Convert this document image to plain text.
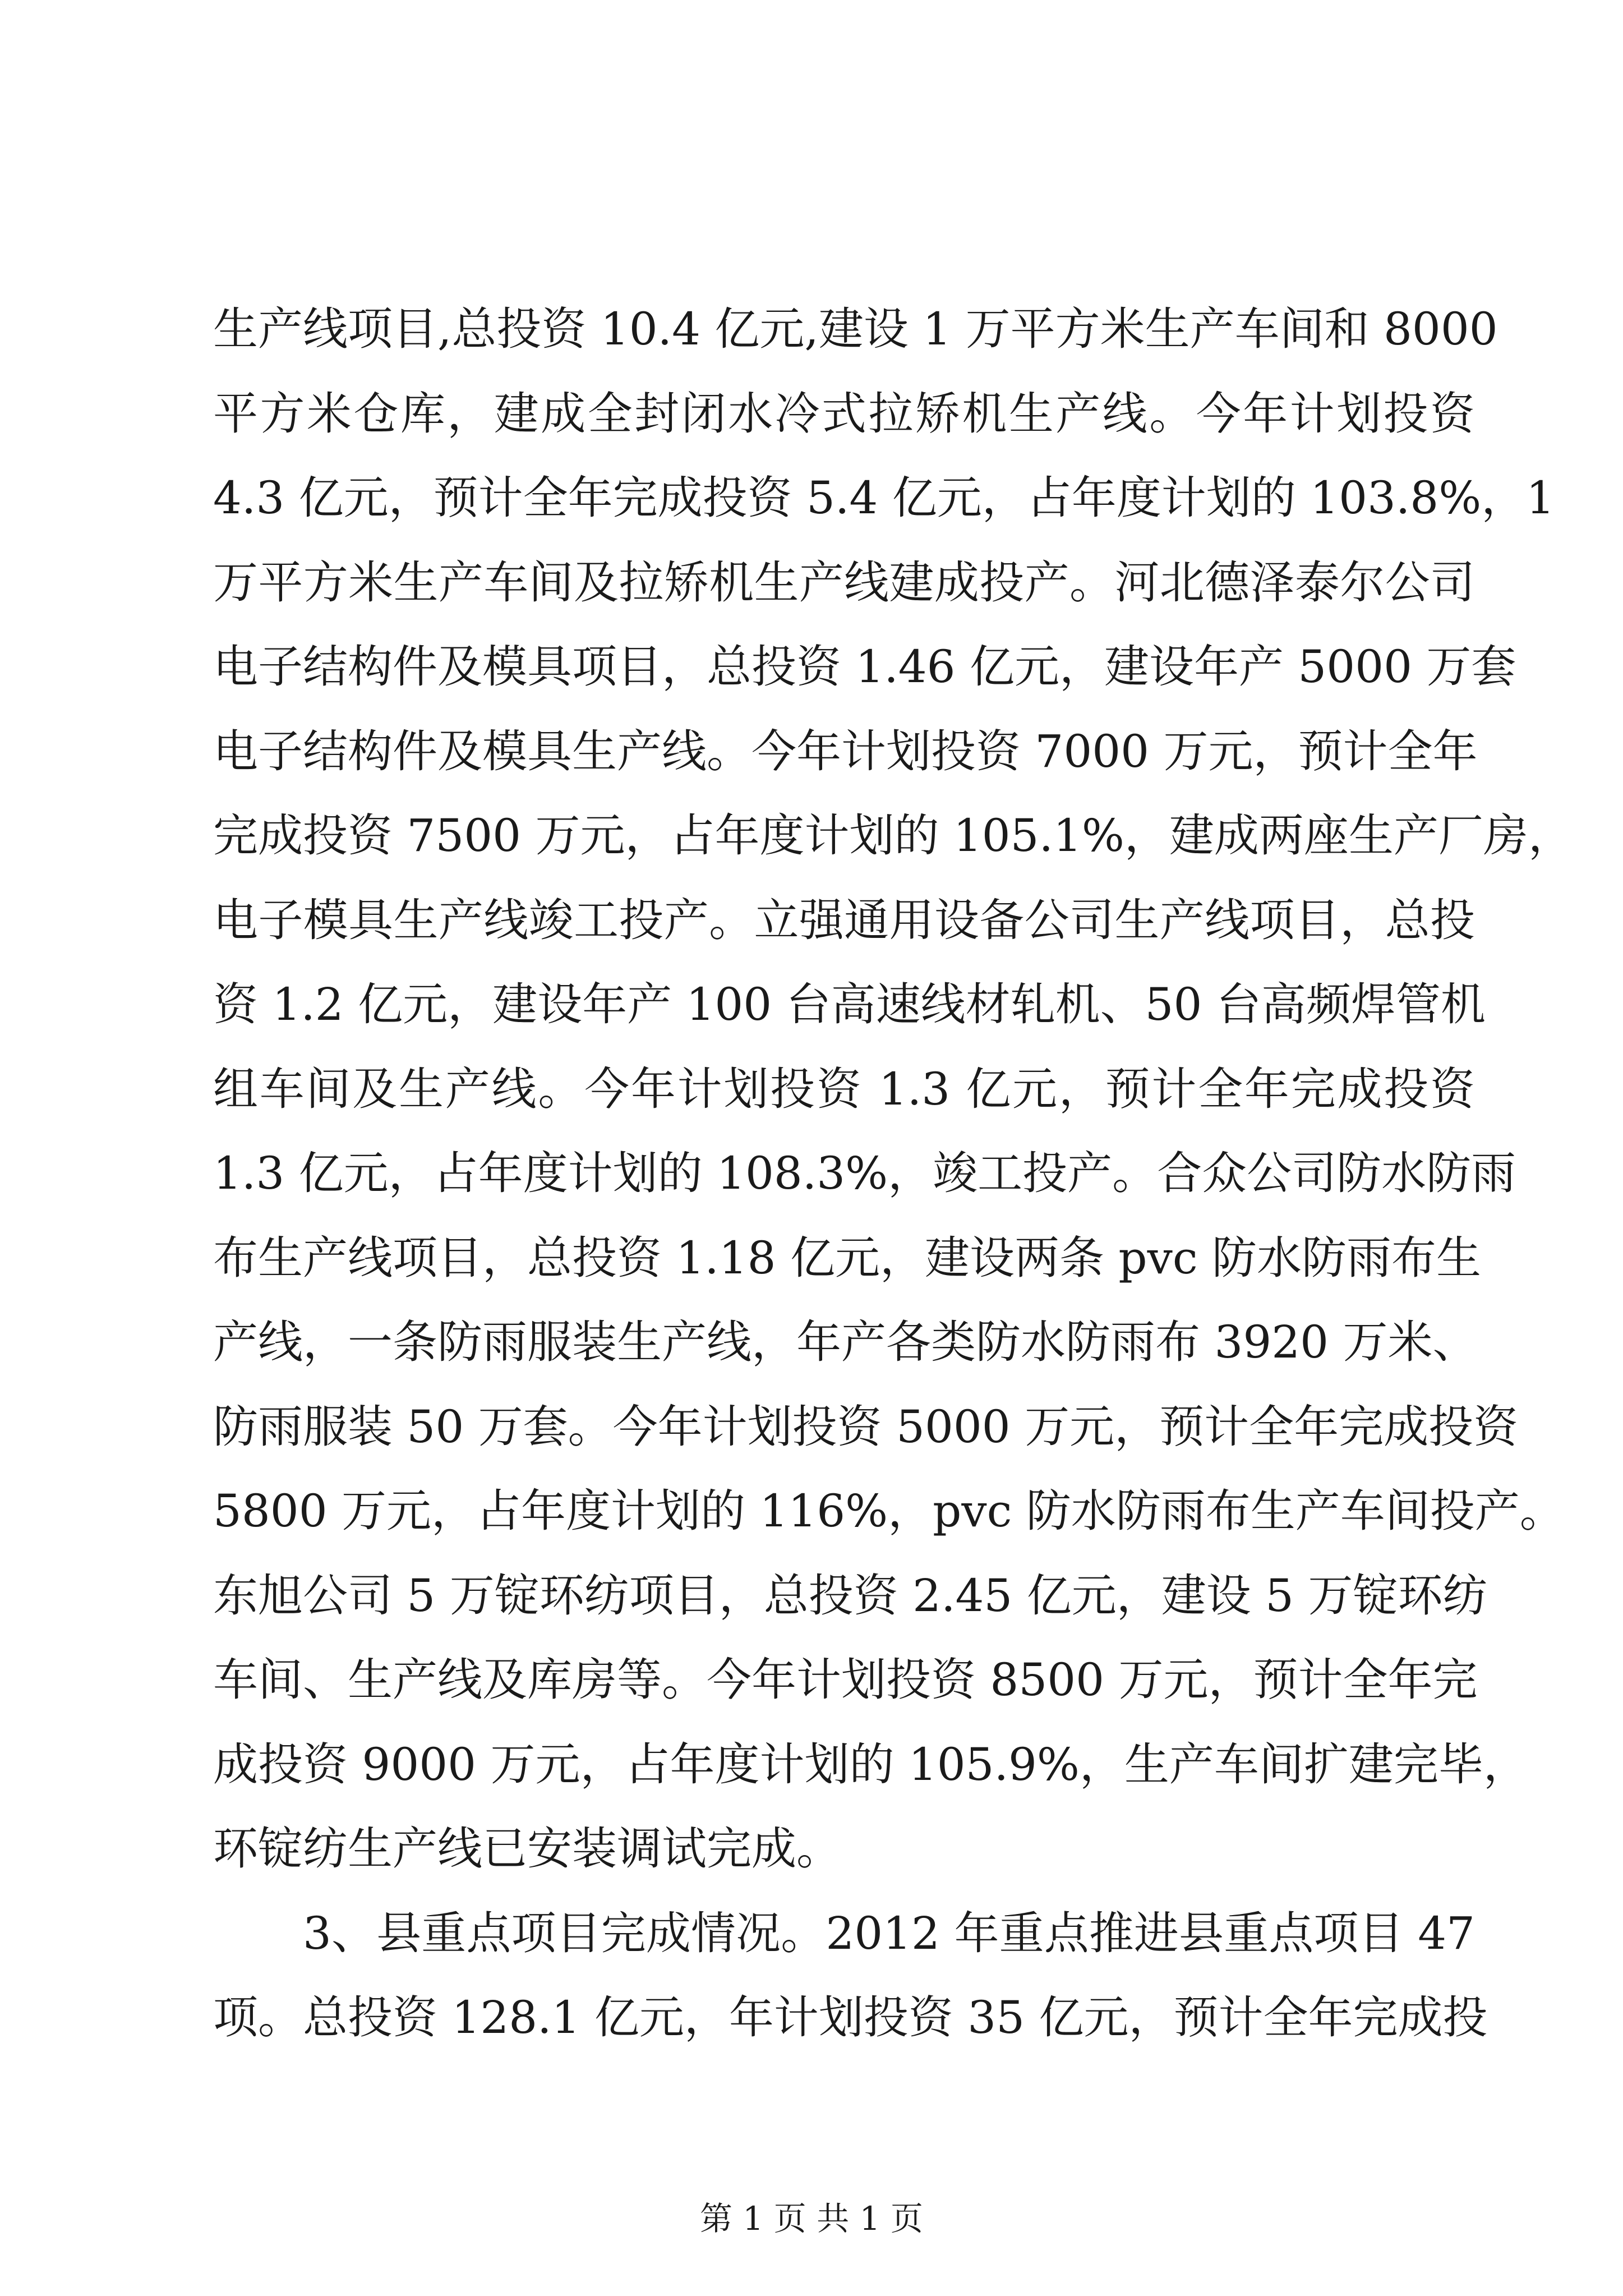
生产线项目,总投资 10.4 亿元,建设 1 万平方米生产车间和 8000
平方米仓库，建成全封闭水冷式拉矫机生产线。今年计划投资
4.3 亿元，预计全年完成投资 5.4 亿元，占年度计划的 103.8%，1
万平方米生产车间及拉矫机生产线建成投产。河北德泽泰尔公司
电子结构件及模具项目，总投资 1.46 亿元，建设年产 5000 万套
电子结构件及模具生产线。今年计划投资 7000 万元，预计全年
完成投资 7500 万元，占年度计划的 105.1%，建成两座生产厂房，
电子模具生产线竣工投产。立强通用设备公司生产线项目，总投
资 1.2 亿元，建设年产 100 台高速线材轧机、50 台高频焊管机
组车间及生产线。今年计划投资 1.3 亿元，预计全年完成投资
1.3 亿元，占年度计划的 108.3%，竣工投产。合众公司防水防雨
布生产线项目，总投资 1.18 亿元，建设两条 pvc 防水防雨布生
产线，一条防雨服装生产线，年产各类防水防雨布 3920 万米、
防雨服装 50 万套。今年计划投资 5000 万元，预计全年完成投资
5800 万元，占年度计划的 116%，pvc 防水防雨布生产车间投产。
东旭公司 5 万锭环纺项目，总投资 2.45 亿元，建设 5 万锭环纺
车间、生产线及库房等。今年计划投资 8500 万元，预计全年完
成投资 9000 万元，占年度计划的 105.9%，生产车间扩建完毕，
环锭纺生产线已安装调试完成。
3、县重点项目完成情况。2012 年重点推进县重点项目 47
项。总投资 128.1 亿元，年计划投资 35 亿元，预计全年完成投
第 1 页 共 1 页
